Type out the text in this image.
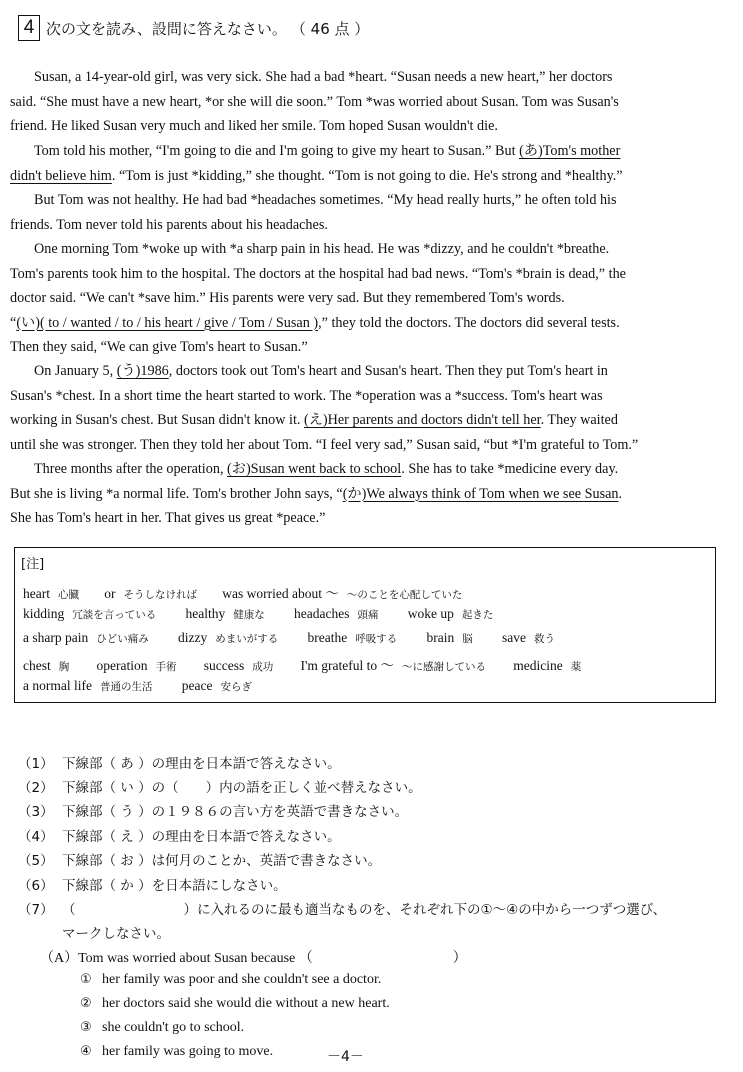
4 次の文を読み、設問に答えなさい。 （ 46 点 ）
Susan, a 14-year-old girl, was very sick. She had a bad *heart. “Susan needs a new heart,” her doctors
said. “She must have a new heart, *or she will die soon.” Tom *was worried about Susan. Tom was Susan's
friend. He liked Susan very much and liked her smile. Tom hoped Susan wouldn't die.
Tom told his mother, “I'm going to die and I'm going to give my heart to Susan.” But (あ)Tom's mother
didn't believe him. “Tom is just *kidding,” she thought. “Tom is not going to die. He's strong and *healthy.”
But Tom was not healthy. He had bad *headaches sometimes. “My head really hurts,” he often told his
friends. Tom never told his parents about his headaches.
One morning Tom *woke up with *a sharp pain in his head. He was *dizzy, and he couldn't *breathe.
Tom's parents took him to the hospital. The doctors at the hospital had bad news. “Tom's *brain is dead,” the
doctor said. “We can't *save him.” His parents were very sad. But they remembered Tom's words.
“(い)( to / wanted / to / his heart / give / Tom / Susan ),” they told the doctors. The doctors did several tests.
Then they said, “We can give Tom's heart to Susan.”
On January 5, (う)1986, doctors took out Tom's heart and Susan's heart. Then they put Tom's heart in
Susan's *chest. In a short time the heart started to work. The *operation was a *success. Tom's heart was
working in Susan's chest. But Susan didn't know it. (え)Her parents and doctors didn't tell her. They waited
until she was stronger. Then they told her about Tom. “I feel very sad,” Susan said, “but *I'm grateful to Tom.”
Three months after the operation, (お)Susan went back to school. She has to take *medicine every day.
But she is living *a normal life. Tom's brother John says, “(か)We always think of Tom when we see Susan.
She has Tom's heart in her. That gives us great *peace.”
[注]
heart 心臓 or そうしなければ was worried about ～ ～のことを心配していた
kidding 冗談を言っている healthy 健康な headaches 頭痛 woke up 起きた
a sharp pain ひどい痛み dizzy めまいがする breathe 呼吸する brain 脳 save 救う
chest 胸 operation 手術 success 成功 I'm grateful to ～ ～に感謝している medicine 薬
a normal life 普通の生活 peace 安らぎ
（1） 下線部（ あ ）の理由を日本語で答えなさい。
（2） 下線部（ い ）の（　　）内の語を正しく並べ替えなさい。
（3） 下線部（ う ）の１９８６の言い方を英語で書きなさい。
（4） 下線部（ え ）の理由を日本語で答えなさい。
（5） 下線部（ お ）は何月のことか、英語で書きなさい。
（6） 下線部（ か ）を日本語にしなさい。
（7） （　　　　　　　　）に入れるのに最も適当なものを、それぞれ下の①～④の中から一つずつ選び、
マークしなさい。
（A）Tom was worried about Susan because （　　　　　　　　　　）
① her family was poor and she couldn't see a doctor.
② her doctors said she would die without a new heart.
③ she couldn't go to school.
④ her family was going to move.	－4－
